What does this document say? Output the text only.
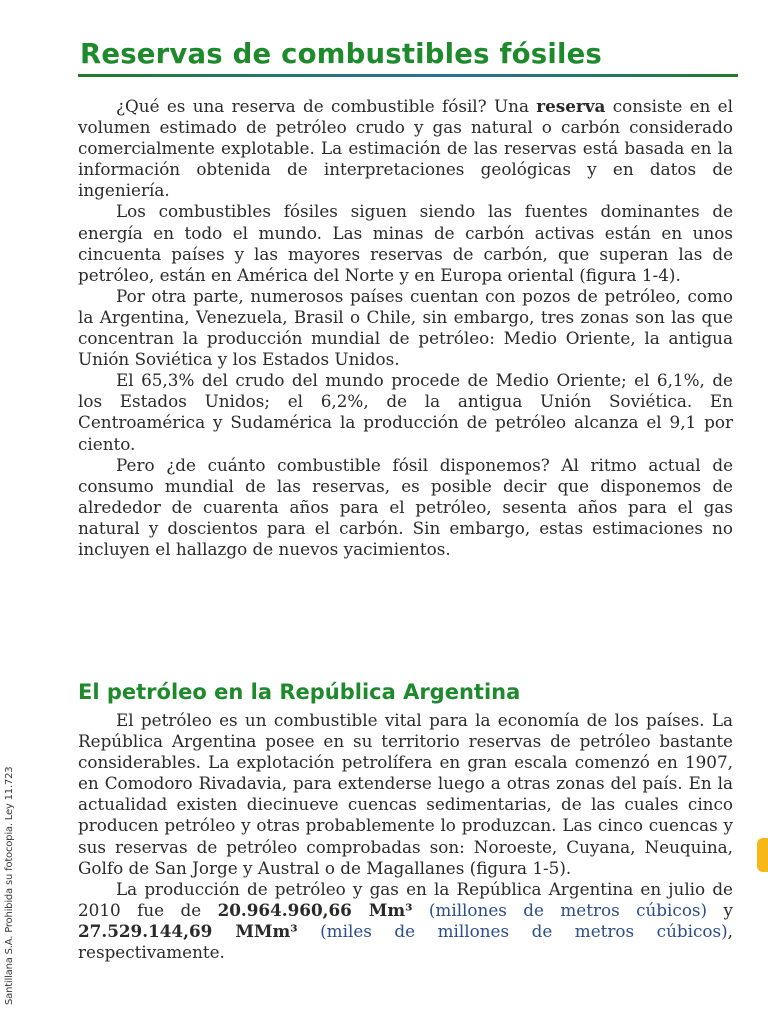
Reservas de combustibles fósiles

¿Qué es una reserva de combustible fósil? Una reserva consiste en el volumen estimado de petróleo crudo y gas natural o carbón considerado comercialmente explotable. La estimación de las reservas está basada en la información obtenida de interpretaciones geológicas y en datos de ingeniería.

Los combustibles fósiles siguen siendo las fuentes dominantes de energía en todo el mundo. Las minas de carbón activas están en unos cincuenta países y las mayores reservas de carbón, que superan las de petróleo, están en América del Norte y en Europa oriental (figura 1-4).

Por otra parte, numerosos países cuentan con pozos de petróleo, como la Argentina, Venezuela, Brasil o Chile, sin embargo, tres zonas son las que concentran la producción mundial de petróleo: Medio Oriente, la antigua Unión Soviética y los Estados Unidos.

El 65,3% del crudo del mundo procede de Medio Oriente; el 6,1%, de los Estados Unidos; el 6,2%, de la antigua Unión Soviética. En Centroamérica y Sudamérica la producción de petróleo alcanza el 9,1 por ciento.

Pero ¿de cuánto combustible fósil disponemos? Al ritmo actual de consumo mundial de las reservas, es posible decir que disponemos de alrededor de cuarenta años para el petróleo, sesenta años para el gas natural y doscientos para el carbón. Sin embargo, estas estimaciones no incluyen el hallazgo de nuevos yacimientos.

El petróleo en la República Argentina

El petróleo es un combustible vital para la economía de los países. La República Argentina posee en su territorio reservas de petróleo bastante considerables. La explotación petrolífera en gran escala comenzó en 1907, en Comodoro Rivadavia, para extenderse luego a otras zonas del país. En la actualidad existen diecinueve cuencas sedimentarias, de las cuales cinco producen petróleo y otras probablemente lo produzcan. Las cinco cuencas y sus reservas de petróleo comprobadas son: Noroeste, Cuyana, Neuquina, Golfo de San Jorge y Austral o de Magallanes (figura 1-5).

La producción de petróleo y gas en la República Argentina en julio de 2010 fue de 20.964.960,66 Mm³ (millones de metros cúbicos) y 27.529.144,69 MMm³ (miles de millones de metros cúbicos), respectivamente.

Santillana S.A. Prohibida su fotocopia. Ley 11.723
